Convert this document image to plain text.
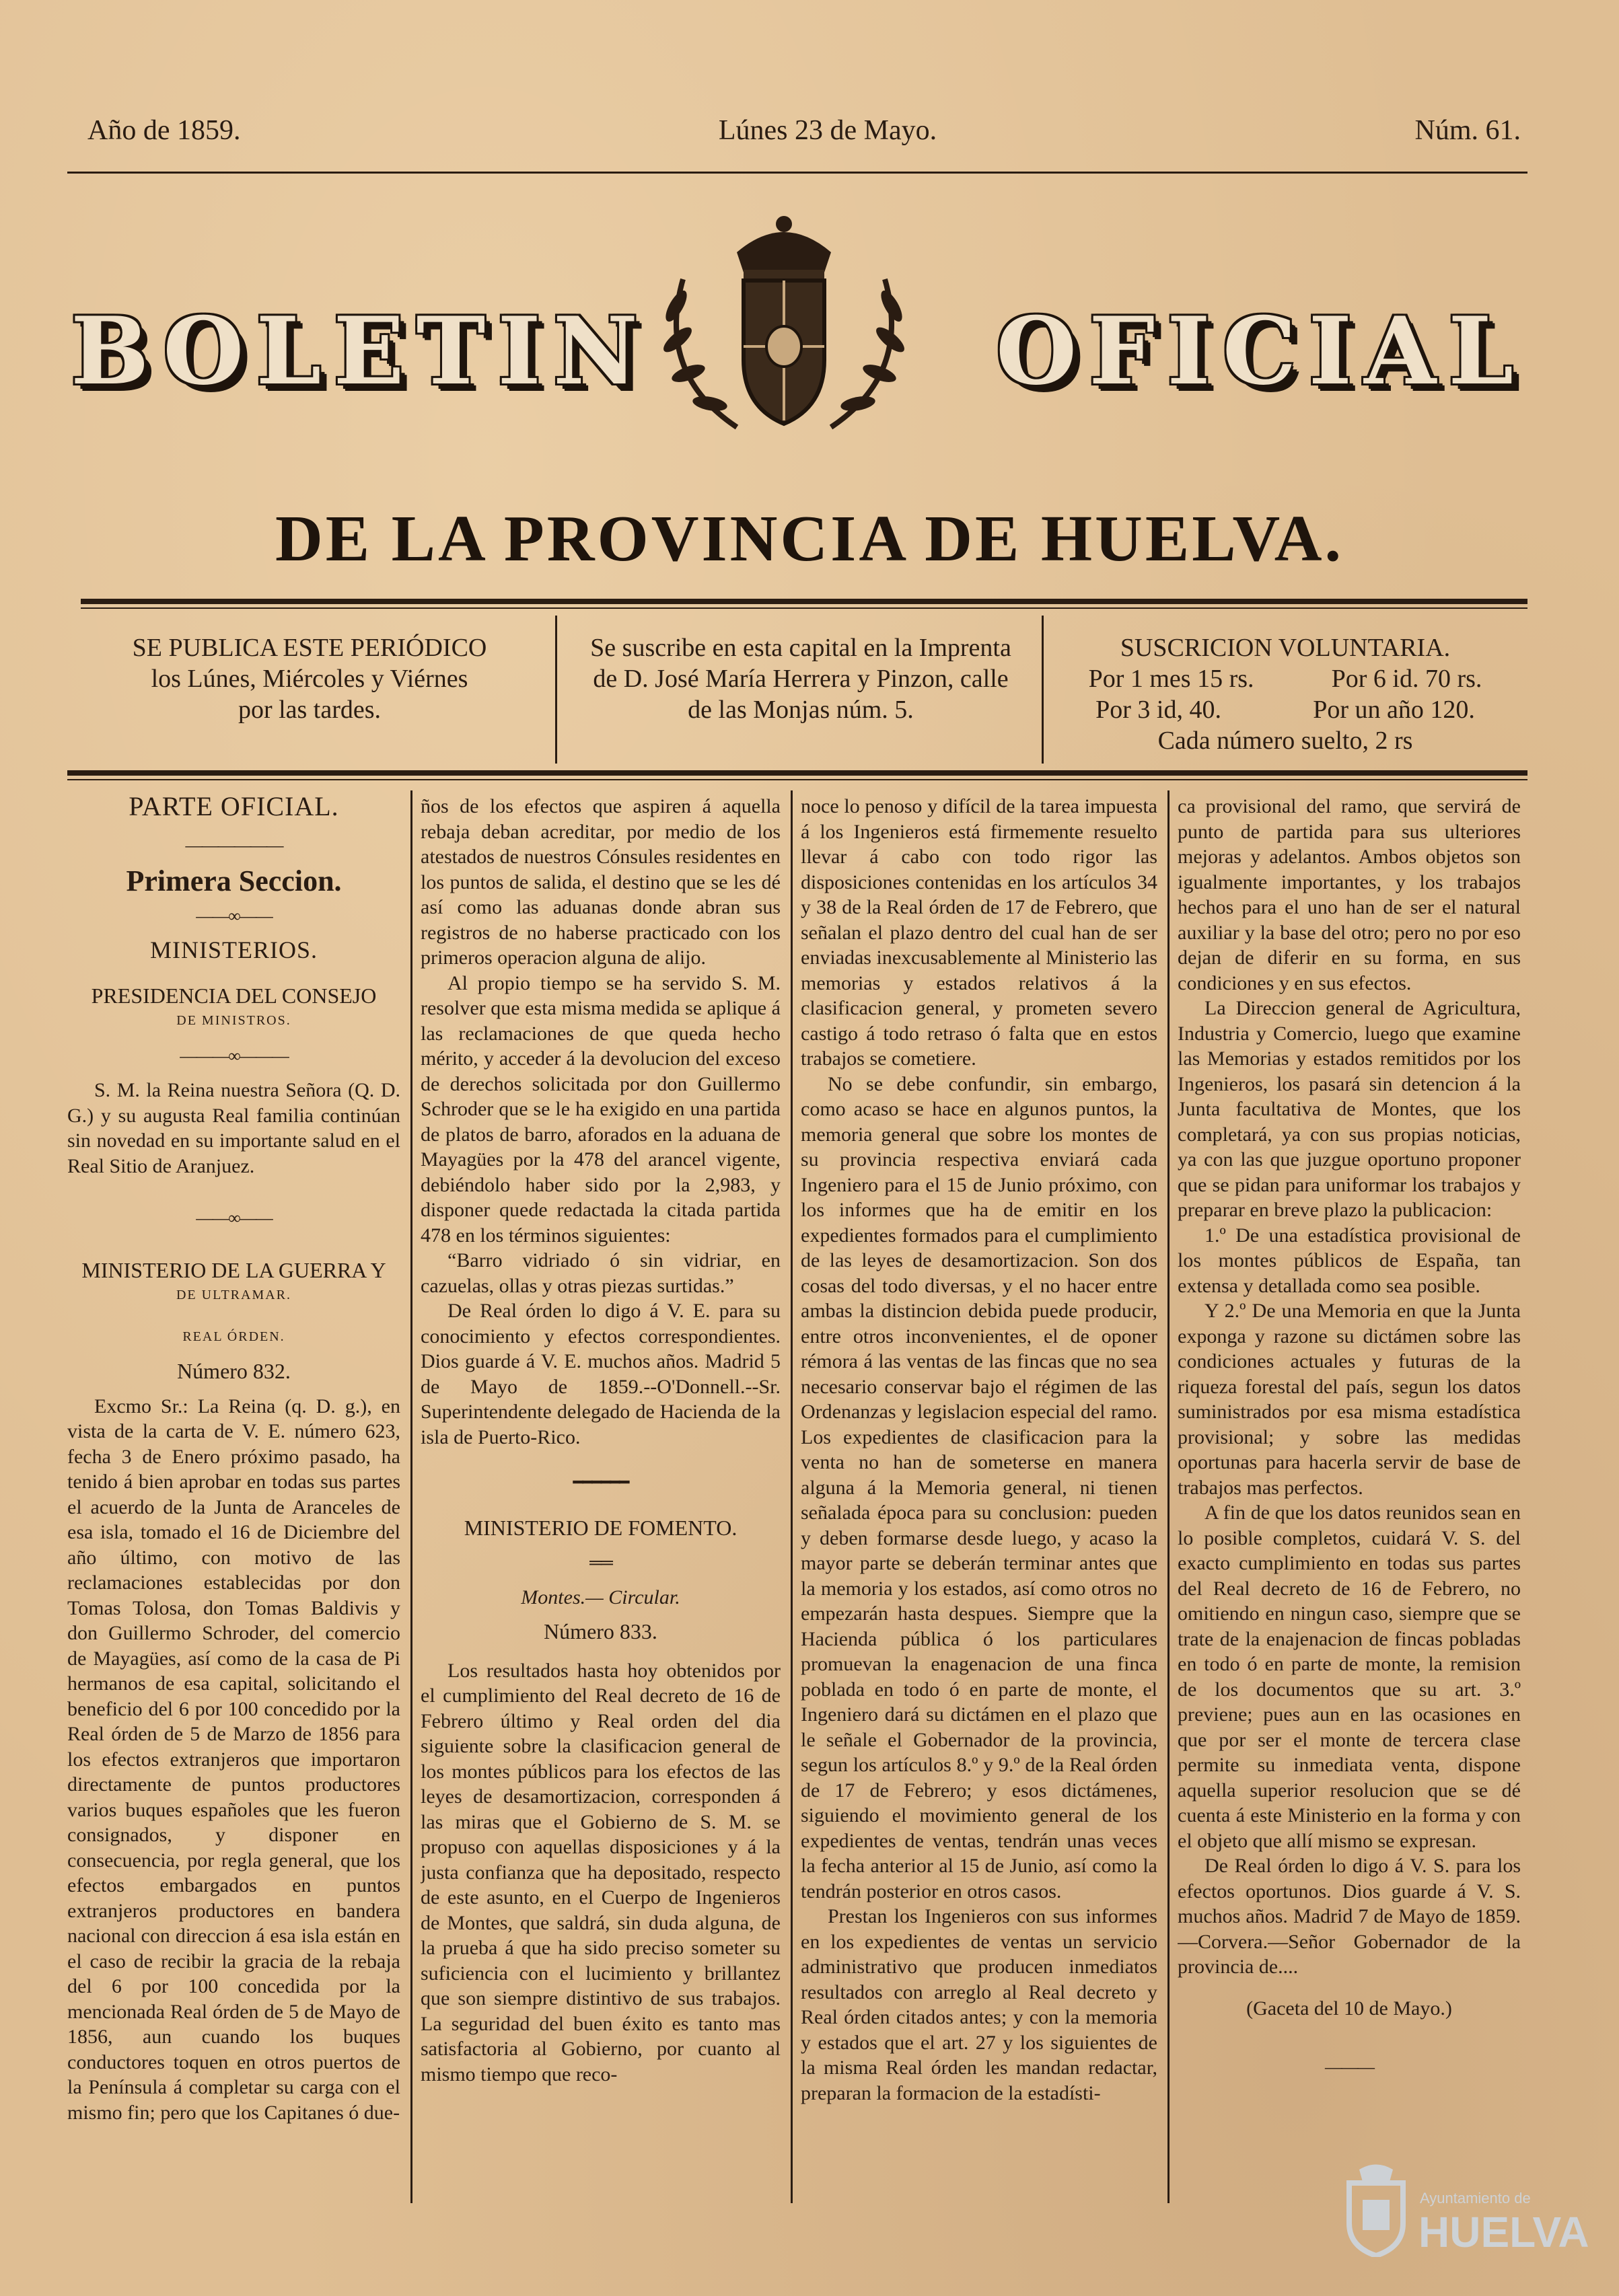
Año de 1859.	Lúnes 23 de Mayo.	Núm. 61.
BOLETIN	OFICIAL
DE LA PROVINCIA DE HUELVA.
SE PUBLICA ESTE PERIÓDICO
los Lúnes, Miércoles y Viérnes
por las tardes.
Se suscribe en esta capital en la Imprenta
de D. José María Herrera y Pinzon, calle
de las Monjas núm. 5.
SUSCRICION VOLUNTARIA.
Por 1 mes 15 rs.	Por 6 id. 70 rs.
Por 3 id, 40.	Por un año 120.
Cada número suelto, 2 rs
PARTE OFICIAL.
——————
Primera Seccion.
——∞——
MINISTERIOS.
PRESIDENCIA DEL CONSEJO
DE MINISTROS.
———∞———

S. M. la Reina nuestra Señora (Q. D. G.) y su augusta Real familia continúan sin novedad en su importante salud en el Real Sitio de Aranjuez.

——∞——
MINISTERIO DE LA GUERRA Y
DE ULTRAMAR.
REAL ÓRDEN.
Número 832.

Excmo Sr.: La Reina (q. D. g.), en vista de la carta de V. E. número 623, fecha 3 de Enero próximo pasado, ha tenido á bien aprobar en todas sus partes el acuerdo de la Junta de Aranceles de esa isla, tomado el 16 de Diciembre del año último, con motivo de las reclamaciones establecidas por don Tomas Tolosa, don Tomas Baldivis y don Guillermo Schroder, del comercio de Mayagües, así como de la casa de Pi hermanos de esa capital, solicitando el beneficio del 6 por 100 concedido por la Real órden de 5 de Marzo de 1856 para los efectos extranjeros que importaron directamente de puntos productores varios buques españoles que les fueron consignados, y disponer en consecuencia, por regla general, que los efectos embargados en puntos extranjeros productores en bandera nacional con direccion á esa isla están en el caso de recibir la gracia de la rebaja del 6 por 100 concedida por la mencionada Real órden de 5 de Mayo de 1856, aun cuando los buques conductores toquen en otros puertos de la Península á completar su carga con el mismo fin; pero que los Capitanes ó due-

ños de los efectos que aspiren á aquella rebaja deban acreditar, por medio de los atestados de nuestros Cónsules residentes en los puntos de salida, el destino que se les dé así como las aduanas donde abran sus registros de no haberse practicado con los primeros operacion alguna de alijo.

Al propio tiempo se ha servido S. M. resolver que esta misma medida se aplique á las reclamaciones de que queda hecho mérito, y acceder á la devolucion del exceso de derechos solicitada por don Guillermo Schroder que se le ha exigido en una partida de platos de barro, aforados en la aduana de Mayagües por la 478 del arancel vigente, debiéndolo haber sido por la 2,983, y disponer quede redactada la citada partida 478 en los términos siguientes:

“Barro vidriado ó sin vidriar, en cazuelas, ollas y otras piezas surtidas.”

De Real órden lo digo á V. E. para su conocimiento y efectos correspondientes. Dios guarde á V. E. muchos años. Madrid 5 de Mayo de 1859.--O'Donnell.--Sr. Superintendente delegado de Hacienda de la isla de Puerto-Rico.

━━━━━━
MINISTERIO DE FOMENTO.
══
Montes.— Circular.
Número 833.

Los resultados hasta hoy obtenidos por el cumplimiento del Real decreto de 16 de Febrero último y Real orden del dia siguiente sobre la clasificacion general de los montes públicos para los efectos de las leyes de desamortizacion, corresponden á las miras que el Gobierno de S. M. se propuso con aquellas disposiciones y á la justa confianza que ha depositado, respecto de este asunto, en el Cuerpo de Ingenieros de Montes, que saldrá, sin duda alguna, de la prueba á que ha sido preciso someter su suficiencia con el lucimiento y brillantez que son siempre distintivo de sus trabajos. La seguridad del buen éxito es tanto mas satisfactoria al Gobierno, por cuanto al mismo tiempo que reco-

noce lo penoso y difícil de la tarea impuesta á los Ingenieros está firmemente resuelto llevar á cabo con todo rigor las disposiciones contenidas en los artículos 34 y 38 de la Real órden de 17 de Febrero, que señalan el plazo dentro del cual han de ser enviadas inexcusablemente al Ministerio las memorias y estados relativos á la clasificacion general, y prometen severo castigo á todo retraso ó falta que en estos trabajos se cometiere.

No se debe confundir, sin embargo, como acaso se hace en algunos puntos, la memoria general que sobre los montes de su provincia respectiva enviará cada Ingeniero para el 15 de Junio próximo, con los informes que ha de emitir en los expedientes formados para el cumplimiento de las leyes de desamortizacion. Son dos cosas del todo diversas, y el no hacer entre ambas la distincion debida puede producir, entre otros inconvenientes, el de oponer rémora á las ventas de las fincas que no sea necesario conservar bajo el régimen de las Ordenanzas y legislacion especial del ramo. Los expedientes de clasificacion para la venta no han de someterse en manera alguna á la Memoria general, ni tienen señalada época para su conclusion: pueden y deben formarse desde luego, y acaso la mayor parte se deberán terminar antes que la memoria y los estados, así como otros no empezarán hasta despues. Siempre que la Hacienda pública ó los particulares promuevan la enagenacion de una finca poblada en todo ó en parte de monte, el Ingeniero dará su dictámen en el plazo que le señale el Gobernador de la provincia, segun los artículos 8.º y 9.º de la Real órden de 17 de Febrero; y esos dictámenes, siguiendo el movimiento general de los expedientes de ventas, tendrán unas veces la fecha anterior al 15 de Junio, así como la tendrán posterior en otros casos.

Prestan los Ingenieros con sus informes en los expedientes de ventas un servicio administrativo que producen inmediatos resultados con arreglo al Real decreto y Real órden citados antes; y con la memoria y estados que el art. 27 y los siguientes de la misma Real órden les mandan redactar, preparan la formacion de la estadísti-

ca provisional del ramo, que servirá de punto de partida para sus ulteriores mejoras y adelantos. Ambos objetos son igualmente importantes, y los trabajos hechos para el uno han de ser el natural auxiliar y la base del otro; pero no por eso dejan de diferir en su forma, en sus condiciones y en sus efectos.

La Direccion general de Agricultura, Industria y Comercio, luego que examine las Memorias y estados remitidos por los Ingenieros, los pasará sin detencion á la Junta facultativa de Montes, que los completará, ya con sus propias noticias, ya con las que juzgue oportuno proponer que se pidan para uniformar los trabajos y preparar en breve plazo la publicacion:

1.º De una estadística provisional de los montes públicos de España, tan extensa y detallada como sea posible.

Y 2.º De una Memoria en que la Junta exponga y razone su dictámen sobre las condiciones actuales y futuras de la riqueza forestal del país, segun los datos suministrados por esa misma estadística provisional; y sobre las medidas oportunas para hacerla servir de base de trabajos mas perfectos.

A fin de que los datos reunidos sean en lo posible completos, cuidará V. S. del exacto cumplimiento en todas sus partes del Real decreto de 16 de Febrero, no omitiendo en ningun caso, siempre que se trate de la enajenacion de fincas pobladas en todo ó en parte de monte, la remision de los documentos que su art. 3.º previene; pues aun en las ocasiones en que por ser el monte de tercera clase permite su inmediata venta, dispone aquella superior resolucion que se dé cuenta á este Ministerio en la forma y con el objeto que allí mismo se expresan.

De Real órden lo digo á V. S. para los efectos oportunos. Dios guarde á V. S. muchos años. Madrid 7 de Mayo de 1859.—Corvera.—Señor Gobernador de la provincia de....

(Gaceta del 10 de Mayo.)
———
Ayuntamiento de
HUELVA
